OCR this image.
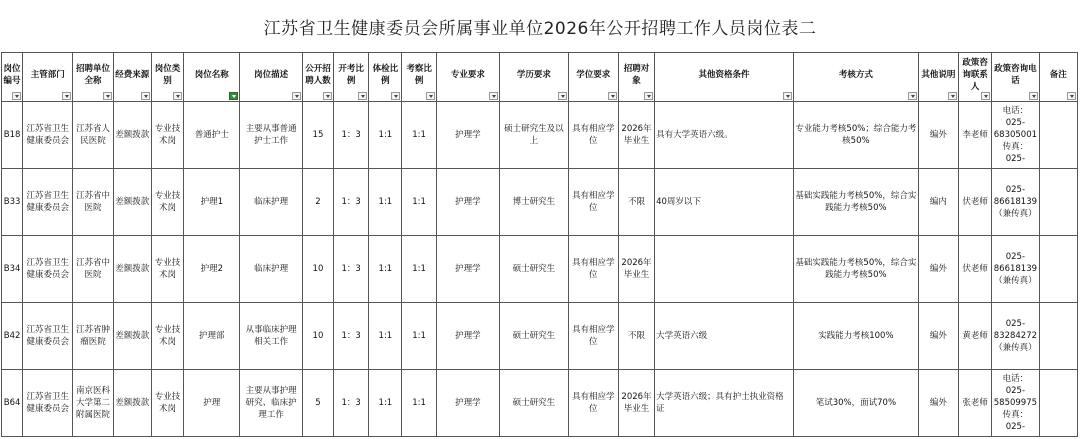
江苏省卫生健康委员会所属事业单位2026年公开招聘工作人员岗位表二
岗位编号	主管部门	招聘单位全称	经费来源	岗位类别	岗位名称	岗位描述	公开招聘人数	开考比例	体检比例	考察比例	专业要求	学历要求	学位要求	招聘对象	其他资格条件	考核方式	其他说明	政策咨询联系人	政策咨询电话	备注

B18	江苏省卫生健康委员会	江苏省人民医院	差额拨款	专业技术岗	普通护士	主要从事普通护士工作	15	1：3	1:1	1:1	护理学	硕士研究生及以上	具有相应学位	2026年毕业生	具有大学英语六级。	专业能力考核50%；综合能力考核50%	编外	李老师	电话：025-68305001传真：025-	

B33	江苏省卫生健康委员会	江苏省中医院	差额拨款	专业技术岗	护理1	临床护理	2	1：3	1:1	1:1	护理学	博士研究生	具有相应学位	不限	40周岁以下	基础实践能力考核50%，综合实践能力考核50%	编内	伏老师	025-86618139（兼传真）	

B34	江苏省卫生健康委员会	江苏省中医院	差额拨款	专业技术岗	护理2	临床护理	10	1：3	1:1	1:1	护理学	硕士研究生	具有相应学位	2026年毕业生		基础实践能力考核50%，综合实践能力考核50%	编外	伏老师	025-86618139（兼传真）	

B42	江苏省卫生健康委员会	江苏省肿瘤医院	差额拨款	专业技术岗	护理部	从事临床护理相关工作	10	1：3	1:1	1:1	护理学	硕士研究生	具有相应学位	不限	大学英语六级	实践能力考核100%	编外	黄老师	025-83284272（兼传真）	

B64	江苏省卫生健康委员会	南京医科大学第二附属医院	差额拨款	专业技术岗	护理	主要从事护理研究、临床护理工作	5	1：3	1:1	1:1	护理学	硕士研究生	具有相应学位	2026年毕业生	大学英语六级；具有护士执业资格证	笔试30%，面试70%	编外	张老师	电话：025-58509975传真：025-	
